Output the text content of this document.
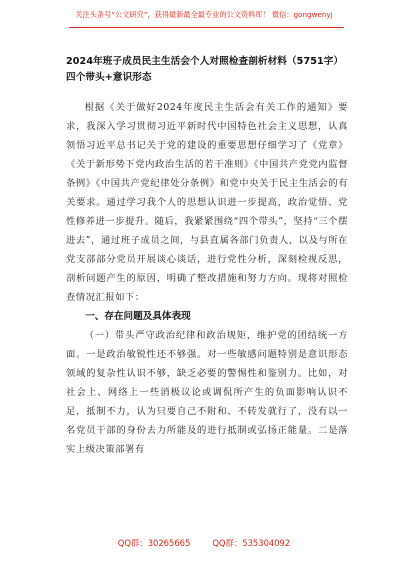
关注头条号“公文研究”，获得最新最全最专业的公文资料库！ 微信：gongwenyj
2024年班子成员民主生活会个人对照检查剖析材料（5751字）四个带头+意识形态

根据《关于做好2024年度民主生活会有关工作的通知》要求，我深入学习贯彻习近平新时代中国特色社会主义思想，认真领悟习近平总书记关于党的建设的重要思想仔细学习了《党章》《关于新形势下党内政治生活的若干准则》《中国共产党党内监督条例》《中国共产党纪律处分条例》和党中央关于民主生活会的有关要求。通过学习我个人的思想认识进一步提高，政治觉悟、党性修养进一步提升。随后，我紧紧围绕“四个带头”，坚持“三个摆进去”，通过班子成员之间，与县直属各部门负责人，以及与所在党支部部分党员开展谈心谈话，进行党性分析，深刻检视反思，剖析问题产生的原因，明确了整改措施和努力方向。现将对照检查情况汇报如下：

一、存在问题及具体表现

（一）带头严守政治纪律和政治规矩，维护党的团结统一方面。一是政治敏锐性还不够强。对一些敏感问题特别是意识形态领域的复杂性认识不够，缺乏必要的警惕性和鉴别力。比如，对社会上、网络上一些消极议论或调侃所产生的负面影响认识不足，抵制不力，认为只要自己不附和、不转发就行了，没有以一名党员干部的身份去力所能及的进行抵制或弘扬正能量。二是落实上级决策部署有

QQ群：30265665	QQ群：535304092
